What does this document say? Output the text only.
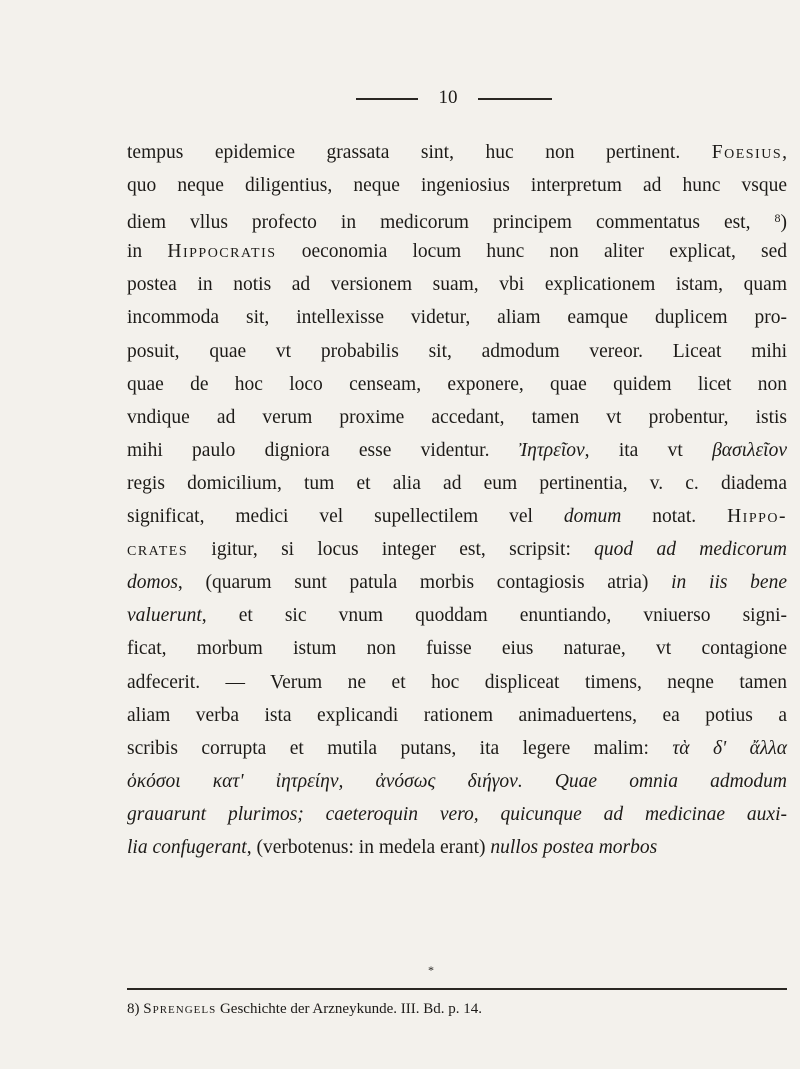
10
tempus epidemice grassata sint, huc non pertinent. Foesius,
quo neque diligentius, neque ingeniosius interpretum ad hunc vsque
diem vllus profecto in medicorum principem commentatus est, $^8$)
in Hippocratis oeconomia locum hunc non aliter explicat, sed
postea in notis ad versionem suam, vbi explicationem istam, quam
incommoda sit, intellexisse videtur, aliam eamque duplicem pro-
posuit, quae vt probabilis sit, admodum vereor. Liceat mihi
quae de hoc loco censeam, exponere, quae quidem licet non
vndique ad verum proxime accedant, tamen vt probentur, istis
mihi paulo digniora esse videntur. Ἰητρεῖον, ita vt βασιλεῖον
regis domicilium, tum et alia ad eum pertinentia, v. c. diadema
significat, medici vel supellectilem vel domum notat. Hippo-
crates igitur, si locus integer est, scripsit: quod ad medicorum
domos, (quarum sunt patula morbis contagiosis atria) in iis bene
valuerunt, et sic vnum quoddam enuntiando, vniuerso signi-
ficat, morbum istum non fuisse eius naturae, vt contagione
adfecerit. — Verum ne et hoc displiceat timens, neqne tamen
aliam verba ista explicandi rationem animaduertens, ea potius a
scribis corrupta et mutila putans, ita legere malim: τὰ δ' ἄλλα
ὁκόσοι κατ' ἰητρείην, ἀνόσως διήγον. Quae omnia admodum
grauarunt plurimos; caeteroquin vero, quicunque ad medicinae auxi-
lia confugerant, (verbotenus: in medela erant) nullos postea morbos
*
8) Sprengels Geschichte der Arzneykunde. III. Bd. p. 14.
